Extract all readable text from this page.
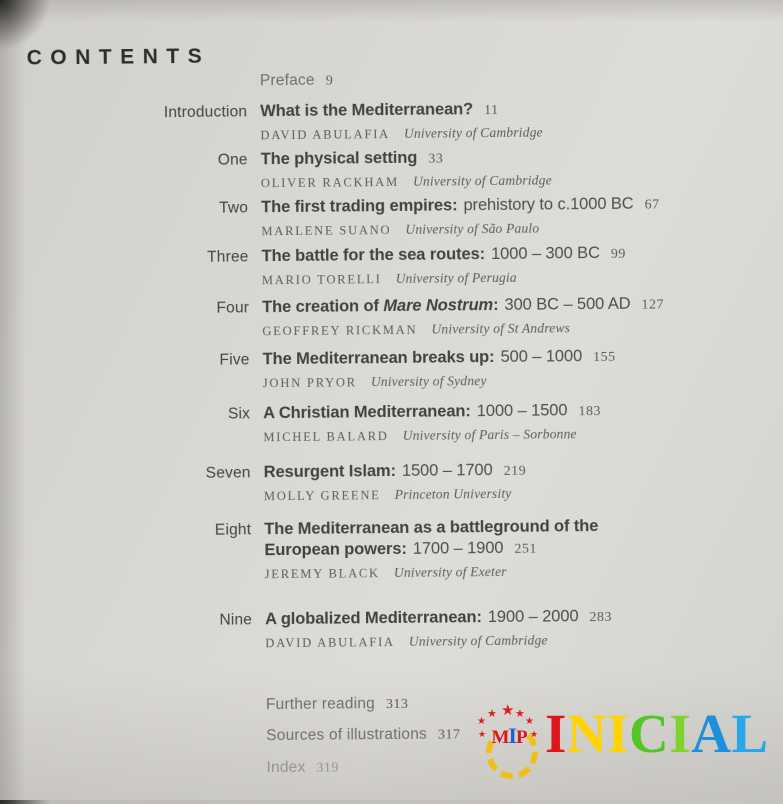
CONTENTS
Preface 9
Introduction What is the Mediterranean? 11
DAVID ABULAFIA University of Cambridge
One The physical setting 33
OLIVER RACKHAM University of Cambridge
Two The first trading empires: prehistory to c.1000 BC 67
MARLENE SUANO University of São Paulo
Three The battle for the sea routes: 1000 – 300 BC 99
MARIO TORELLI University of Perugia
Four The creation of Mare Nostrum: 300 BC – 500 AD 127
GEOFFREY RICKMAN University of St Andrews
Five The Mediterranean breaks up: 500 – 1000 155
JOHN PRYOR University of Sydney
Six A Christian Mediterranean: 1000 – 1500 183
MICHEL BALARD University of Paris – Sorbonne
Seven Resurgent Islam: 1500 – 1700 219
MOLLY GREENE Princeton University
Eight The Mediterranean as a battleground of the
European powers: 1700 – 1900 251
JEREMY BLACK University of Exeter
Nine A globalized Mediterranean: 1900 – 2000 283
DAVID ABULAFIA University of Cambridge
Further reading 313
Sources of illustrations 317
Index 319
MIP
★
★ ★
★	★
★	★ INICIAL
